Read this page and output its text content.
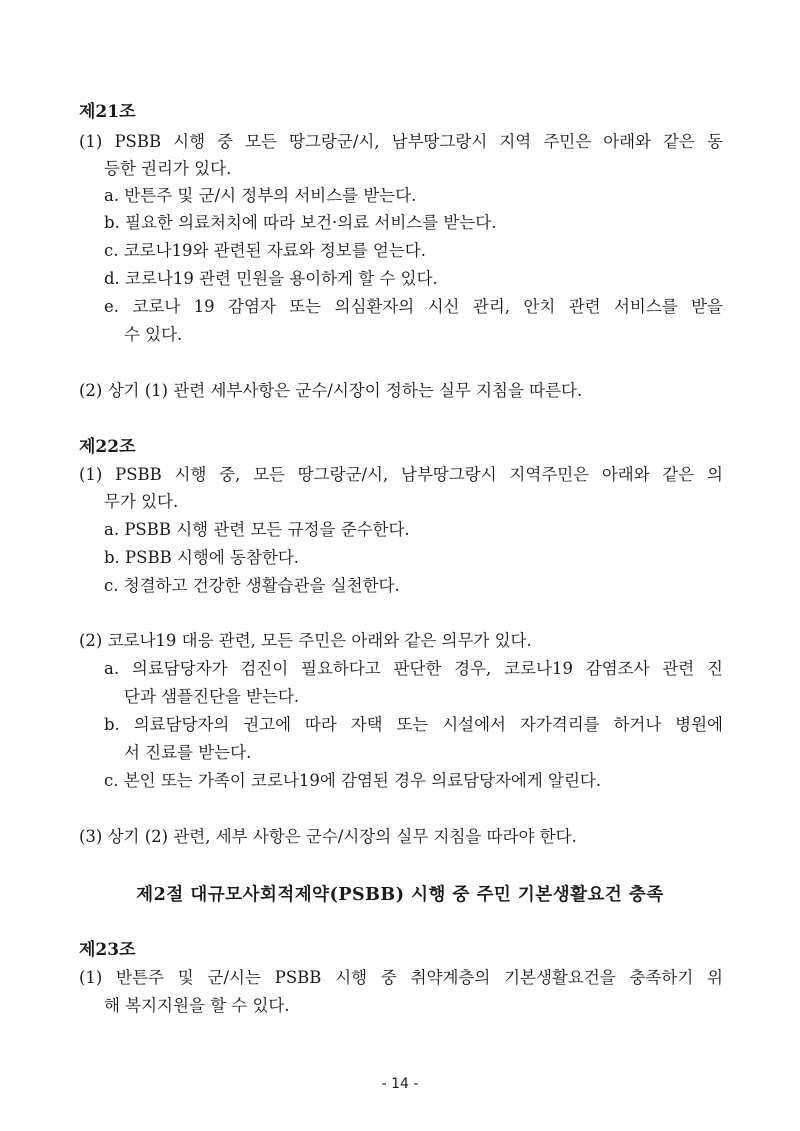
제21조
(1) PSBB 시행 중 모든 땅그랑군/시, 남부땅그랑시 지역 주민은 아래와 같은 동
등한 권리가 있다.
a. 반튼주 및 군/시 정부의 서비스를 받는다.
b. 필요한 의료처치에 따라 보건·의료 서비스를 받는다.
c. 코로나19와 관련된 자료와 정보를 얻는다.
d. 코로나19 관련 민원을 용이하게 할 수 있다.
e. 코로나 19 감염자 또는 의심환자의 시신 관리, 안치 관련 서비스를 받을
수 있다.
(2) 상기 (1) 관련 세부사항은 군수/시장이 정하는 실무 지침을 따른다.
제22조
(1) PSBB 시행 중, 모든 땅그랑군/시, 남부땅그랑시 지역주민은 아래와 같은 의
무가 있다.
a. PSBB 시행 관련 모든 규정을 준수한다.
b. PSBB 시행에 동참한다.
c. 청결하고 건강한 생활습관을 실천한다.
(2) 코로나19 대응 관련, 모든 주민은 아래와 같은 의무가 있다.
a. 의료담당자가 검진이 필요하다고 판단한 경우, 코로나19 감염조사 관련 진
단과 샘플진단을 받는다.
b. 의료담당자의 권고에 따라 자택 또는 시설에서 자가격리를 하거나 병원에
서 진료를 받는다.
c. 본인 또는 가족이 코로나19에 감염된 경우 의료담당자에게 알린다.
(3) 상기 (2) 관련, 세부 사항은 군수/시장의 실무 지침을 따라야 한다.
제2절 대규모사회적제약(PSBB) 시행 중 주민 기본생활요건 충족
제23조
(1) 반튼주 및 군/시는 PSBB 시행 중 취약계층의 기본생활요건을 충족하기 위
해 복지지원을 할 수 있다.
- 14 -
